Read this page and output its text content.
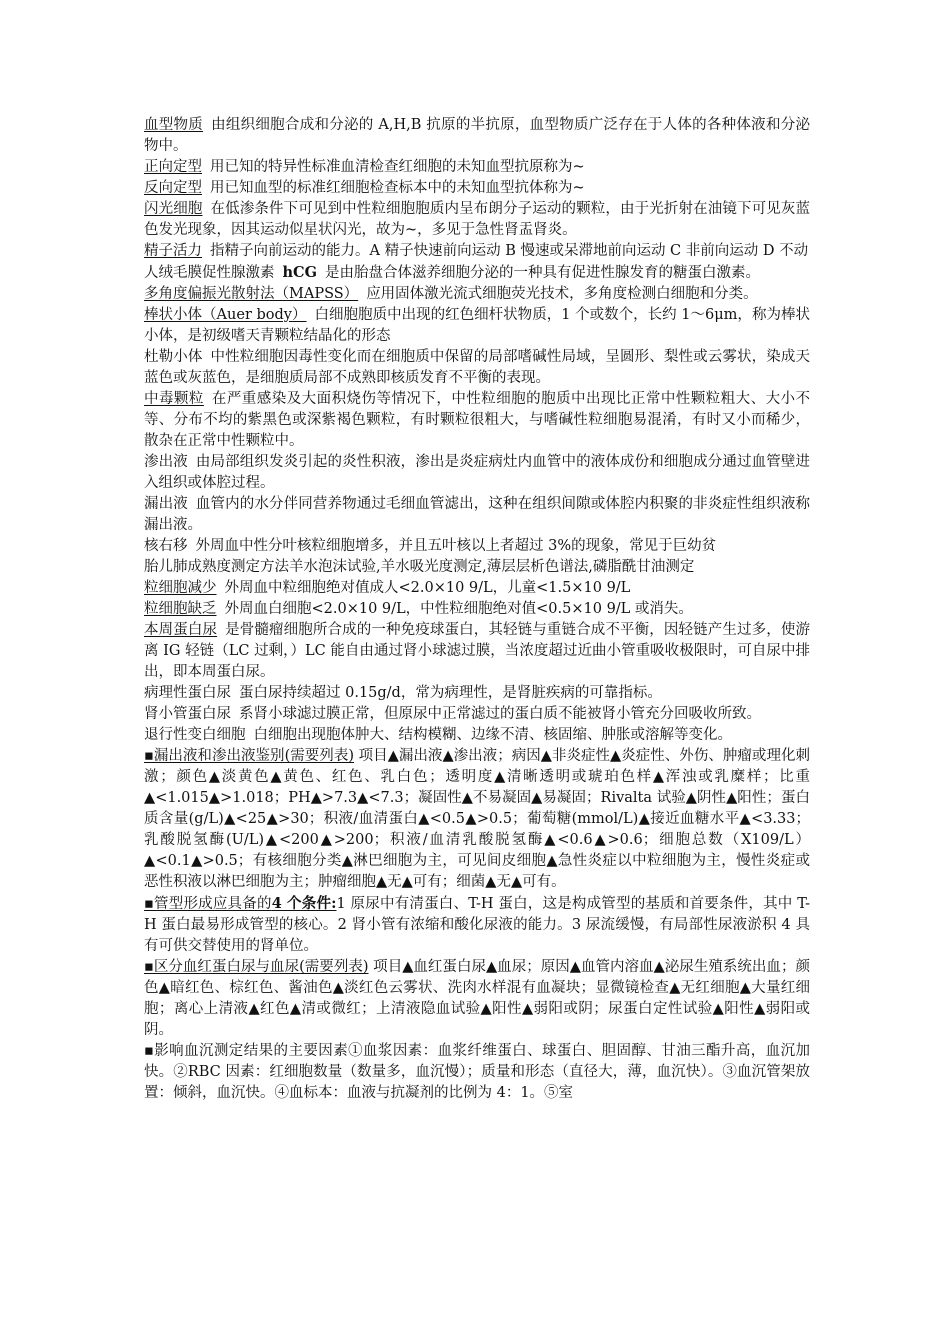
血型物质 由组织细胞合成和分泌的 A,H,B 抗原的半抗原，血型物质广泛存在于人体的各种体液和分泌物中。

正向定型 用已知的特异性标准血清检查红细胞的未知血型抗原称为~

反向定型 用已知血型的标准红细胞检查标本中的未知血型抗体称为~

闪光细胞 在低渗条件下可见到中性粒细胞胞质内呈布朗分子运动的颗粒，由于光折射在油镜下可见灰蓝色发光现象，因其运动似星状闪光，故为~，多见于急性肾盂肾炎。

精子活力 指精子向前运动的能力。A 精子快速前向运动 B 慢速或呆滞地前向运动 C 非前向运动 D 不动

人绒毛膜促性腺激素 hCG 是由胎盘合体滋养细胞分泌的一种具有促进性腺发育的糖蛋白激素。

多角度偏振光散射法（MAPSS） 应用固体激光流式细胞荧光技术，多角度检测白细胞和分类。

棒状小体（Auer body） 白细胞胞质中出现的红色细杆状物质，1 个或数个，长约 1～6μm，称为棒状小体，是初级嗜天青颗粒结晶化的形态

杜勒小体 中性粒细胞因毒性变化而在细胞质中保留的局部嗜碱性局域，呈圆形、梨性或云雾状，染成天蓝色或灰蓝色，是细胞质局部不成熟即核质发育不平衡的表现。

中毒颗粒 在严重感染及大面积烧伤等情况下，中性粒细胞的胞质中出现比正常中性颗粒粗大、大小不等、分布不均的紫黑色或深紫褐色颗粒，有时颗粒很粗大，与嗜碱性粒细胞易混淆，有时又小而稀少，散杂在正常中性颗粒中。

渗出液 由局部组织发炎引起的炎性积液，渗出是炎症病灶内血管中的液体成份和细胞成分通过血管壁进入组织或体腔过程。

漏出液 血管内的水分伴同营养物通过毛细血管滤出，这种在组织间隙或体腔内积聚的非炎症性组织液称漏出液。

核右移 外周血中性分叶核粒细胞增多，并且五叶核以上者超过 3%的现象，常见于巨幼贫

胎儿肺成熟度测定方法羊水泡沫试验,羊水吸光度测定,薄层层析色谱法,磷脂酰甘油测定

粒细胞减少 外周血中粒细胞绝对值成人<2.0×10 9/L，儿童<1.5×10 9/L

粒细胞缺乏 外周血白细胞<2.0×10 9/L，中性粒细胞绝对值<0.5×10 9/L 或消失。

本周蛋白尿 是骨髓瘤细胞所合成的一种免疫球蛋白，其轻链与重链合成不平衡，因轻链产生过多，使游离 IG 轻链（LC 过剩，）LC 能自由通过肾小球滤过膜，当浓度超过近曲小管重吸收极限时，可自尿中排出，即本周蛋白尿。

病理性蛋白尿 蛋白尿持续超过 0.15g/d，常为病理性，是肾脏疾病的可靠指标。

肾小管蛋白尿 系肾小球滤过膜正常，但原尿中正常滤过的蛋白质不能被肾小管充分回吸收所致。

退行性变白细胞 白细胞出现胞体肿大、结构模糊、边缘不清、核固缩、肿胀或溶解等变化。

▪漏出液和渗出液鉴别(需要列表) 项目▲漏出液▲渗出液；病因▲非炎症性▲炎症性、外伤、肿瘤或理化刺激；颜色▲淡黄色▲黄色、红色、乳白色；透明度▲清晰透明或琥珀色样▲浑浊或乳糜样；比重▲<1.015▲>1.018；PH▲>7.3▲<7.3；凝固性▲不易凝固▲易凝固；Rivalta 试验▲阴性▲阳性；蛋白质含量(g/L)▲<25▲>30；积液/血清蛋白▲<0.5▲>0.5；葡萄糖(mmol/L)▲接近血糖水平▲<3.33；乳酸脱氢酶(U/L)▲<200▲>200；积液/血清乳酸脱氢酶▲<0.6▲>0.6；细胞总数（X109/L）▲<0.1▲>0.5；有核细胞分类▲淋巴细胞为主，可见间皮细胞▲急性炎症以中粒细胞为主，慢性炎症或恶性积液以淋巴细胞为主；肿瘤细胞▲无▲可有；细菌▲无▲可有。

▪管型形成应具备的4 个条件:1 原尿中有清蛋白、T-H 蛋白，这是构成管型的基质和首要条件，其中 T-H 蛋白最易形成管型的核心。2 肾小管有浓缩和酸化尿液的能力。3 尿流缓慢，有局部性尿液淤积 4 具有可供交替使用的肾单位。

▪区分血红蛋白尿与血尿(需要列表) 项目▲血红蛋白尿▲血尿；原因▲血管内溶血▲泌尿生殖系统出血；颜色▲暗红色、棕红色、酱油色▲淡红色云雾状、洗肉水样混有血凝块；显微镜检查▲无红细胞▲大量红细胞；离心上清液▲红色▲清或微红；上清液隐血试验▲阳性▲弱阳或阴；尿蛋白定性试验▲阳性▲弱阳或阴。

▪影响血沉测定结果的主要因素①血浆因素：血浆纤维蛋白、球蛋白、胆固醇、甘油三酯升高，血沉加快。②RBC 因素：红细胞数量（数量多，血沉慢）；质量和形态（直径大，薄，血沉快）。③血沉管架放置：倾斜，血沉快。④血标本：血液与抗凝剂的比例为 4：1。⑤室
